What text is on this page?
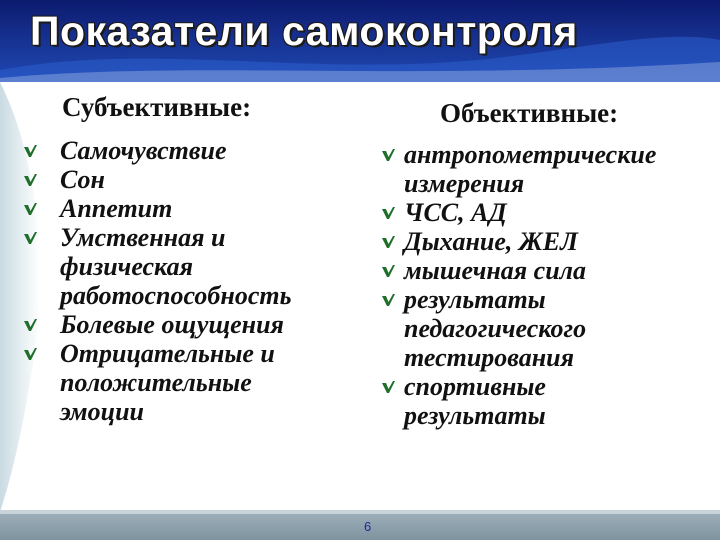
Показатели самоконтроля
Субъективные:	Объективные:
Самочувствие
Сон
Аппетит
Умственная и
физическая
работоспособность
Болевые ощущения
Отрицательные и
положительные
эмоции
антропометрические
измерения
ЧСС, АД
Дыхание, ЖЕЛ
мышечная сила
результаты
педагогического
тестирования
спортивные
результаты
6
